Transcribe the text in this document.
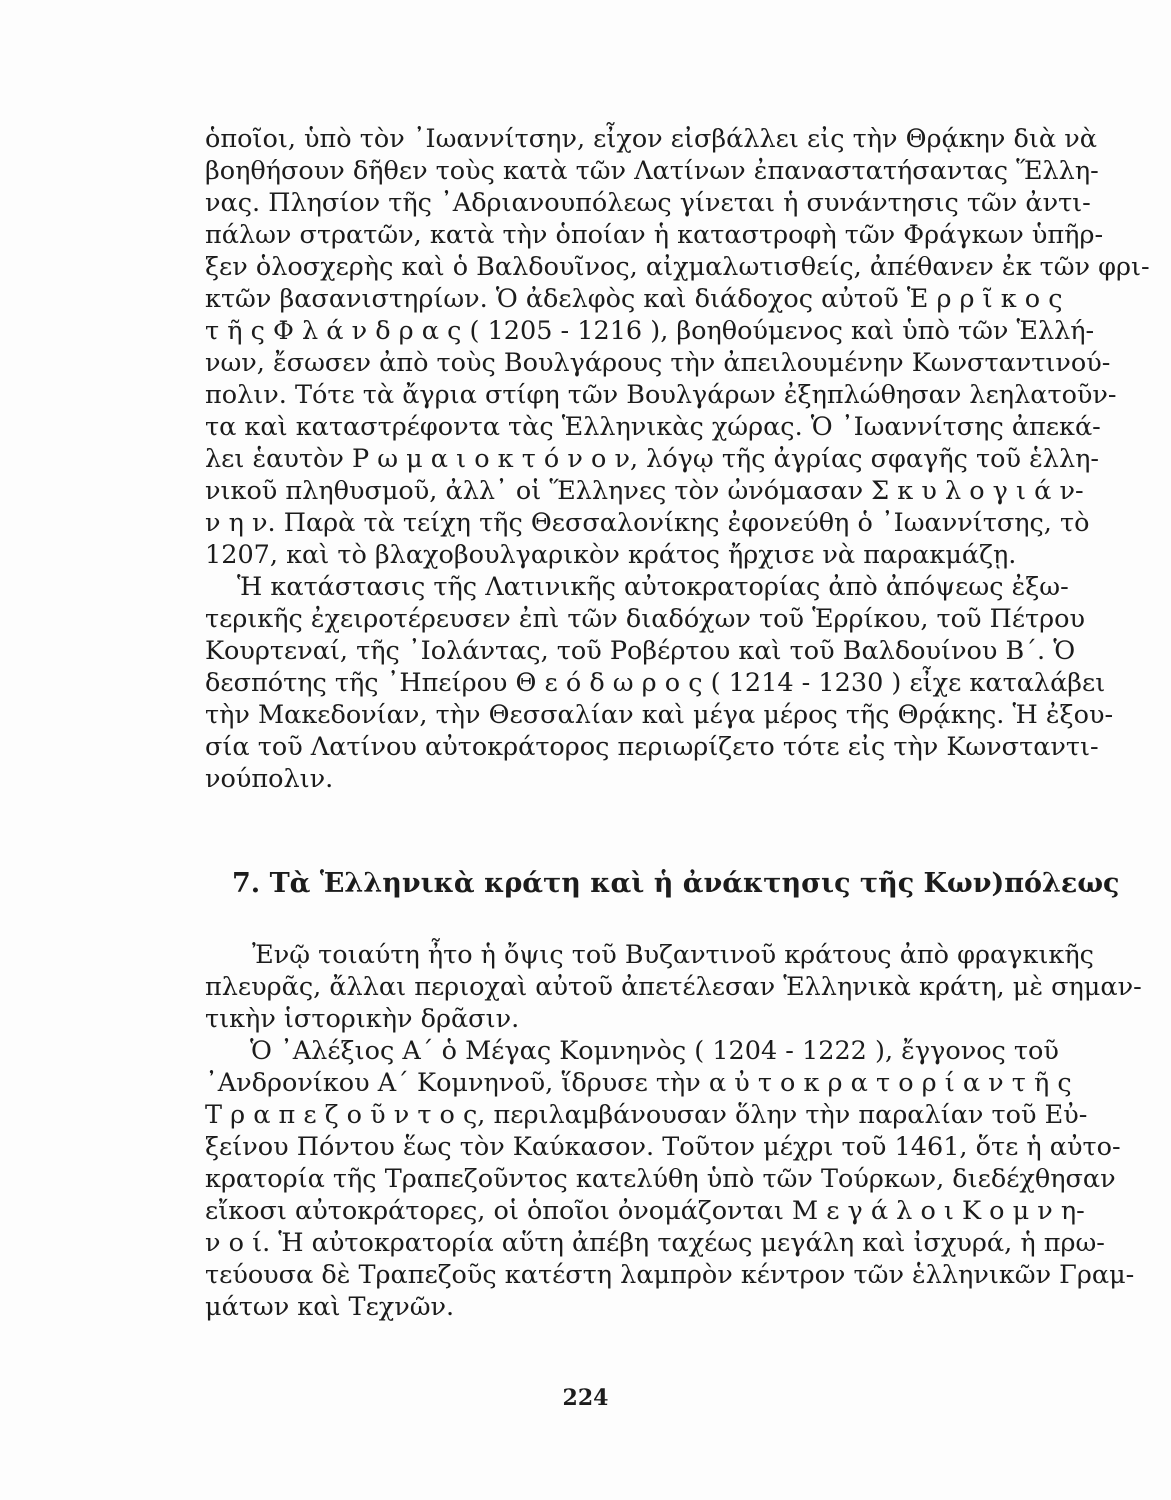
ὁποῖοι, ὑπὸ τὸν ᾿Ιωαννίτσην, εἶχον εἰσβάλλει εἰς τὴν Θρᾴκην διὰ νὰ
βοηθήσουν δῆθεν τοὺς κατὰ τῶν Λατίνων ἐπαναστατήσαντας Ἕλλη-
νας. Πλησίον τῆς ᾿Αδριανουπόλεως γίνεται ἡ συνάντησις τῶν ἀντι-
πάλων στρατῶν, κατὰ τὴν ὁποίαν ἡ καταστροφὴ τῶν Φράγκων ὑπῆρ-
ξεν ὁλοσχερὴς καὶ ὁ Βαλδουῖνος, αἰχμαλωτισθείς, ἀπέθανεν ἐκ τῶν φρι-
κτῶν βασανιστηρίων. Ὁ ἀδελφὸς καὶ διάδοχος αὐτοῦ Ἑ ρ ρ ῖ κ ο ς
τ ῆ ς Φ λ ά ν δ ρ α ς ( 1205 - 1216 ), βοηθούμενος καὶ ὑπὸ τῶν Ἑλλή-
νων, ἔσωσεν ἀπὸ τοὺς Βουλγάρους τὴν ἀπειλουμένην Κωνσταντινού-
πολιν. Τότε τὰ ἄγρια στίφη τῶν Βουλγάρων ἐξηπλώθησαν λεηλατοῦν-
τα καὶ καταστρέφοντα τὰς Ἑλληνικὰς χώρας. Ὁ ᾿Ιωαννίτσης ἀπεκά-
λει ἑαυτὸν Ρ ω μ α ι ο κ τ ό ν ο ν, λόγῳ τῆς ἀγρίας σφαγῆς τοῦ ἑλλη-
νικοῦ πληθυσμοῦ, ἀλλ᾿ οἱ Ἕλληνες τὸν ὠνόμασαν Σ κ υ λ ο γ ι ά ν-
ν η ν. Παρὰ τὰ τείχη τῆς Θεσσαλονίκης ἐφονεύθη ὁ ᾿Ιωαννίτσης, τὸ
1207, καὶ τὸ βλαχοβουλγαρικὸν κράτος ἤρχισε νὰ παρακμάζῃ.
Ἡ κατάστασις τῆς Λατινικῆς αὐτοκρατορίας ἀπὸ ἀπόψεως ἐξω-
τερικῆς ἐχειροτέρευσεν ἐπὶ τῶν διαδόχων τοῦ Ἑρρίκου, τοῦ Πέτρου
Κουρτεναί, τῆς ᾿Ιολάντας, τοῦ Ροβέρτου καὶ τοῦ Βαλδουίνου Β΄. Ὁ
δεσπότης τῆς ᾿Ηπείρου Θ ε ό δ ω ρ ο ς ( 1214 - 1230 ) εἶχε καταλάβει
τὴν Μακεδονίαν, τὴν Θεσσαλίαν καὶ μέγα μέρος τῆς Θρᾴκης. Ἡ ἐξου-
σία τοῦ Λατίνου αὐτοκράτορος περιωρίζετο τότε εἰς τὴν Κωνσταντι-
νούπολιν.
7. Τὰ Ἑλληνικὰ κράτη καὶ ἡ ἀνάκτησις τῆς Κων)πόλεως
Ἐνῷ τοιαύτη ἦτο ἡ ὄψις τοῦ Βυζαντινοῦ κράτους ἀπὸ φραγκικῆς
πλευρᾶς, ἄλλαι περιοχαὶ αὐτοῦ ἀπετέλεσαν Ἑλληνικὰ κράτη, μὲ σημαν-
τικὴν ἱστορικὴν δρᾶσιν.
Ὁ ᾿Αλέξιος Α΄ ὁ Μέγας Κομνηνὸς ( 1204 - 1222 ), ἔγγονος τοῦ
᾿Ανδρονίκου Α΄ Κομνηνοῦ, ἵδρυσε τὴν α ὐ τ ο κ ρ α τ ο ρ ί α ν τ ῆ ς
Τ ρ α π ε ζ ο ῦ ν τ ο ς, περιλαμβάνουσαν ὅλην τὴν παραλίαν τοῦ Εὐ-
ξείνου Πόντου ἕως τὸν Καύκασον. Τοῦτον μέχρι τοῦ 1461, ὅτε ἡ αὐτο-
κρατορία τῆς Τραπεζοῦντος κατελύθη ὑπὸ τῶν Τούρκων, διεδέχθησαν
εἴκοσι αὐτοκράτορες, οἱ ὁποῖοι ὀνομάζονται Μ ε γ ά λ ο ι Κ ο μ ν η-
ν ο ί. Ἡ αὐτοκρατορία αὕτη ἀπέβη ταχέως μεγάλη καὶ ἰσχυρά, ἡ πρω-
τεύουσα δὲ Τραπεζοῦς κατέστη λαμπρὸν κέντρον τῶν ἑλληνικῶν Γραμ-
μάτων καὶ Τεχνῶν.
224
